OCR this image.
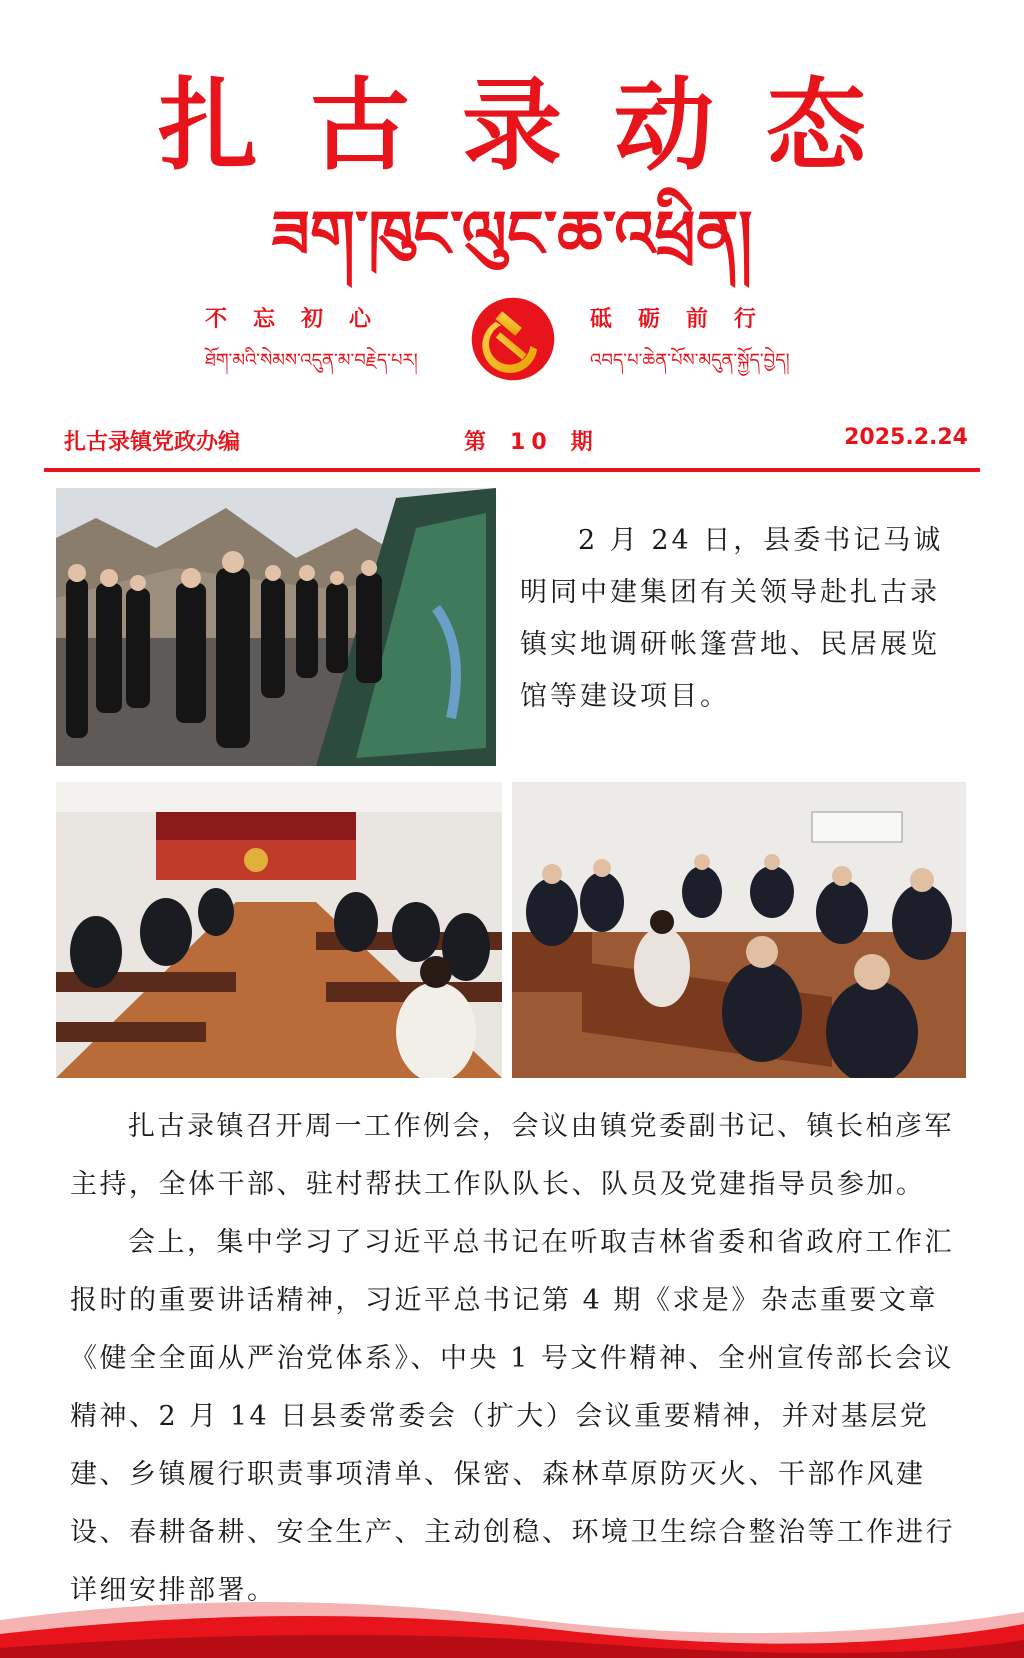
扎古录动态
ཟག་ཁུང་ལུང་ཆ་འཕྲིན།
不忘初心
ཐོག་མའི་སེམས་འདུན་མ་བརྗེད་པར།
砥砺前行
འབད་པ་ཆེན་པོས་མདུན་སྐྱོད་བྱེད།
扎古录镇党政办编	第 10 期	2025.2.24

2 月 24 日，县委书记马诚明同中建集团有关领导赴扎古录镇实地调研帐篷营地、民居展览馆等建设项目。

扎古录镇召开周一工作例会，会议由镇党委副书记、镇长柏彦军主持，全体干部、驻村帮扶工作队队长、队员及党建指导员参加。

会上，集中学习了习近平总书记在听取吉林省委和省政府工作汇报时的重要讲话精神，习近平总书记第 4 期《求是》杂志重要文章《健全全面从严治党体系》、中央 1 号文件精神、全州宣传部长会议精神、2 月 14 日县委常委会（扩大）会议重要精神，并对基层党建、乡镇履行职责事项清单、保密、森林草原防灭火、干部作风建设、春耕备耕、安全生产、主动创稳、环境卫生综合整治等工作进行详细安排部署。
